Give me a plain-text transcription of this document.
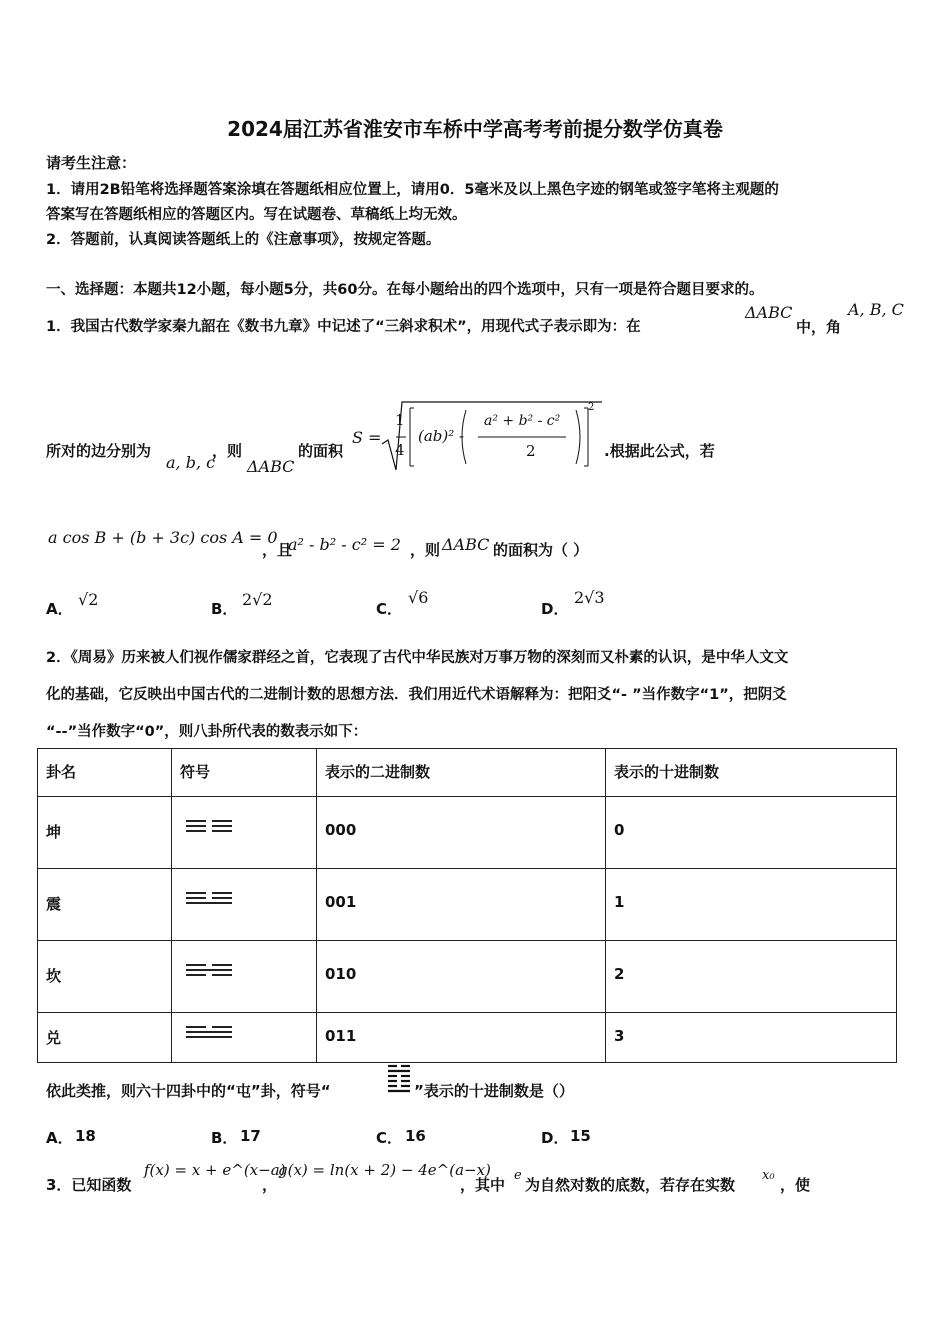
2024届江苏省淮安市车桥中学高考考前提分数学仿真卷
请考生注意：
1．请用2B铅笔将选择题答案涂填在答题纸相应位置上，请用0．5毫米及以上黑色字迹的钢笔或签字笔将主观题的
答案写在答题纸相应的答题区内。写在试题卷、草稿纸上均无效。
2．答题前，认真阅读答题纸上的《注意事项》，按规定答题。
一、选择题：本题共12小题，每小题5分，共60分。在每小题给出的四个选项中，只有一项是符合题目要求的。
1．我国古代数学家秦九韶在《数书九章》中记述了“三斜求积术”，用现代式子表示即为：在
ΔABC
中，角
A, B, C
所对的边分别为
a, b, c
，则
ΔABC
的面积
S =
1
4
(ab)² -
a² + b² - c²
2
2
.根据此公式，若
a cos B + (b + 3c) cos A = 0
，且
a² - b² - c² = 2 ，则 ΔABC 的面积为（ ）
A． √2	B． 2√2	C．
√6
D．
2√3
2．《周易》历来被人们视作儒家群经之首，它表现了古代中华民族对万事万物的深刻而又朴素的认识，是中华人文文
化的基础，它反映出中国古代的二进制计数的思想方法．我们用近代术语解释为：把阳爻“- ”当作数字“1”，把阴爻
“--”当作数字“0”，则八卦所代表的数表示如下：
卦名	符号	表示的二进制数	表示的十进制数
坤		000	0
震		001	1
坎		010	2
兑		011	3
依此类推，则六十四卦中的“屯”卦，符号“	”表示的十进制数是（）
A． 18	B． 17	C． 16	D． 15
3．已知函数
f(x) = x + e^(x−a)
，
g(x) = ln(x + 2) − 4e^(a−x)
，其中
e
为自然对数的底数，若存在实数
x₀
，使
